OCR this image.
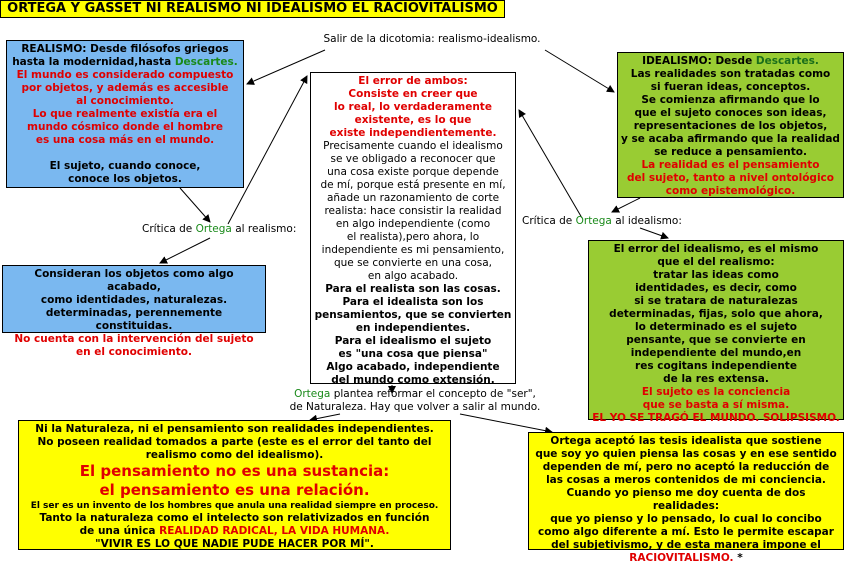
ORTEGA Y GASSET NI REALISMO NI IDEALISMO EL RACIOVITALISMO
Salir de la dicotomia: realismo-idealismo.
REALISMO: Desde filósofos griegos
hasta la modernidad,hasta Descartes.
El mundo es considerado compuesto
por objetos, y además es accesible
al conocimiento.
Lo que realmente existía era el
mundo cósmico donde el hombre
es una cosa más en el mundo.
El sujeto, cuando conoce,
conoce los objetos.
Crítica de Ortega al realismo:
Consideran los objetos como algo acabado,
como identidades, naturalezas.
determinadas, perennemente constituidas.
No cuenta con la intervención del sujeto
en el conocimiento.
El error de ambos:
Consiste en creer que
lo real, lo verdaderamente
existente, es lo que
existe independientemente.
Precisamente cuando el idealismo
se ve obligado a reconocer que
una cosa existe porque depende
de mí, porque está presente en mí,
añade un razonamiento de corte
realista: hace consistir la realidad
en algo independiente (como
el realista),pero ahora, lo
independiente es mi pensamiento,
que se convierte en una cosa,
en algo acabado.
Para el realista son las cosas.
Para el idealista son los
pensamientos, que se convierten
en independientes.
Para el idealismo el sujeto
es "una cosa que piensa"
Algo acabado, independiente
del mundo como extensión.
IDEALISMO: Desde Descartes.
Las realidades son tratadas como
si fueran ideas, conceptos.
Se comienza afirmando que lo
que el sujeto conoces son ideas,
representaciones de los objetos,
y se acaba afirmando que la realidad
se reduce a pensamiento.
La realidad es el pensamiento
del sujeto, tanto a nivel ontológico
como epistemológico.
Crítica de Ortega al idealismo:
El error del idealismo, es el mismo
que el del realismo:
tratar las ideas como
identidades, es decir, como
si se tratara de naturalezas
determinadas, fijas, solo que ahora,
lo determinado es el sujeto
pensante, que se convierte en
independiente del mundo,en
res cogitans independiente
de la res extensa.
El sujeto es la conciencia
que se basta a sí misma.
EL YO SE TRAGÓ EL MUNDO. SOLIPSISMO.
Ortega plantea reformar el concepto de "ser",
de Naturaleza. Hay que volver a salir al mundo.
Ni la Naturaleza, ni el pensamiento son realidades independientes.
No poseen realidad tomados a parte (este es el error del tanto del
realismo como del idealismo).
El pensamiento no es una sustancia:
el pensamiento es una relación.
El ser es un invento de los hombres que anula una realidad siempre en proceso.
Tanto la naturaleza como el intelecto son relativizados en función
de una única REALIDAD RADICAL, LA VIDA HUMANA.
"VIVIR ES LO QUE NADIE PUDE HACER POR MÍ".
Ortega aceptó las tesis idealista que sostiene
que soy yo quien piensa las cosas y en ese sentido
dependen de mí, pero no aceptó la reducción de
las cosas a meros contenidos de mi conciencia.
Cuando yo pienso me doy cuenta de dos realidades:
que yo pienso y lo pensado, lo cual lo concibo
como algo diferente a mí. Esto le permite escapar
del subjetivismo, y de esta manera impone el
RACIOVITALISMO. *
